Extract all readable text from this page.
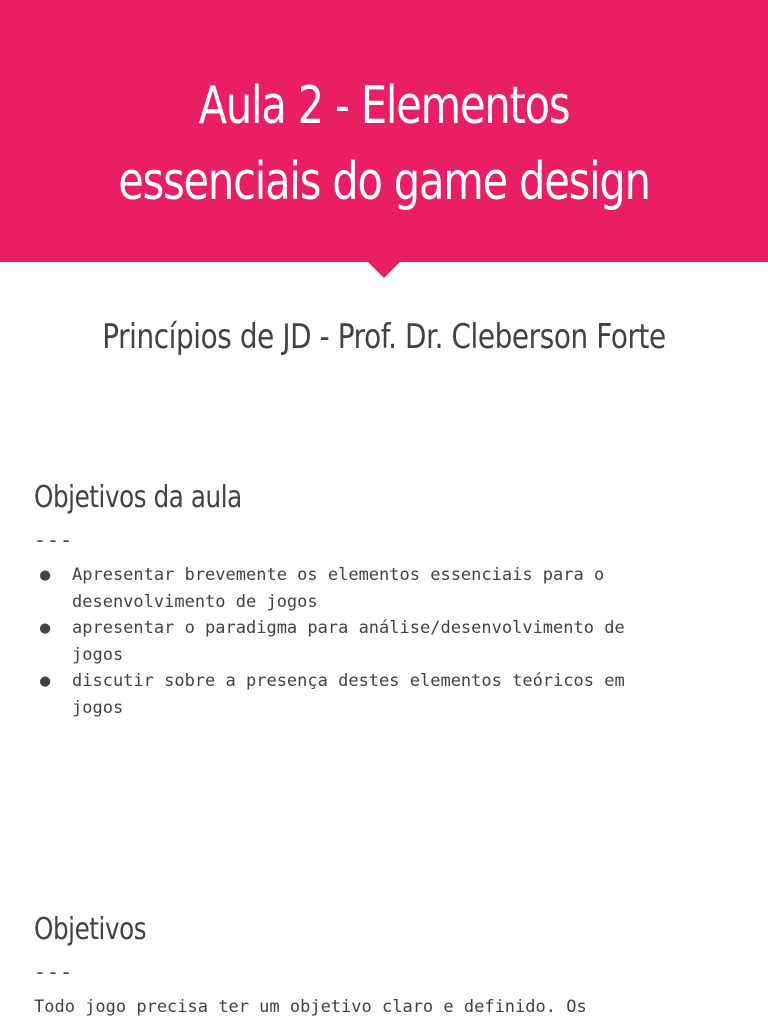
Aula 2 - Elementos
essenciais do game design
Princípios de JD - Prof. Dr. Cleberson Forte
Objetivos da aula
---
● Apresentar brevemente os elementos essenciais para o
desenvolvimento de jogos
● apresentar o paradigma para análise/desenvolvimento de
jogos
● discutir sobre a presença destes elementos teóricos em
jogos
Objetivos
---

Todo jogo precisa ter um objetivo claro e definido. Os
